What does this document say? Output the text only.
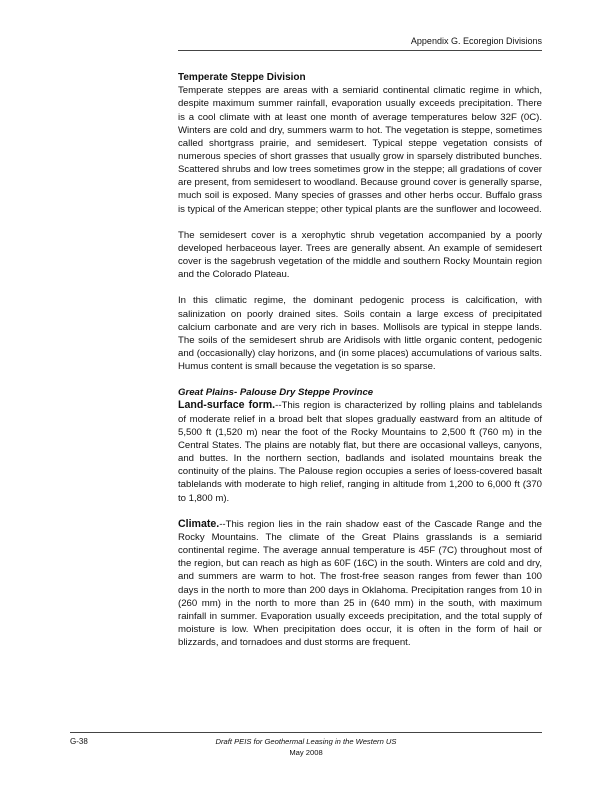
Appendix G. Ecoregion Divisions
Temperate Steppe Division

Temperate steppes are areas with a semiarid continental climatic regime in which, despite maximum summer rainfall, evaporation usually exceeds precipitation. There is a cool climate with at least one month of average temperatures below 32F (0C). Winters are cold and dry, summers warm to hot. The vegetation is steppe, sometimes called shortgrass prairie, and semidesert. Typical steppe vegetation consists of numerous species of short grasses that usually grow in sparsely distributed bunches. Scattered shrubs and low trees sometimes grow in the steppe; all gradations of cover are present, from semidesert to woodland. Because ground cover is generally sparse, much soil is exposed. Many species of grasses and other herbs occur. Buffalo grass is typical of the American steppe; other typical plants are the sunflower and locoweed.

The semidesert cover is a xerophytic shrub vegetation accompanied by a poorly developed herbaceous layer. Trees are generally absent. An example of semidesert cover is the sagebrush vegetation of the middle and southern Rocky Mountain region and the Colorado Plateau.

In this climatic regime, the dominant pedogenic process is calcification, with salinization on poorly drained sites. Soils contain a large excess of precipitated calcium carbonate and are very rich in bases. Mollisols are typical in steppe lands. The soils of the semidesert shrub are Aridisols with little organic content, pedogenic and (occasionally) clay horizons, and (in some places) accumulations of various salts. Humus content is small because the vegetation is so sparse.

Great Plains- Palouse Dry Steppe Province

Land-surface form.--This region is characterized by rolling plains and tablelands of moderate relief in a broad belt that slopes gradually eastward from an altitude of 5,500 ft (1,520 m) near the foot of the Rocky Mountains to 2,500 ft (760 m) in the Central States. The plains are notably flat, but there are occasional valleys, canyons, and buttes. In the northern section, badlands and isolated mountains break the continuity of the plains. The Palouse region occupies a series of loess-covered basalt tablelands with moderate to high relief, ranging in altitude from 1,200 to 6,000 ft (370 to 1,800 m).

Climate.--This region lies in the rain shadow east of the Cascade Range and the Rocky Mountains. The climate of the Great Plains grasslands is a semiarid continental regime. The average annual temperature is 45F (7C) throughout most of the region, but can reach as high as 60F (16C) in the south. Winters are cold and dry, and summers are warm to hot. The frost-free season ranges from fewer than 100 days in the north to more than 200 days in Oklahoma. Precipitation ranges from 10 in (260 mm) in the north to more than 25 in (640 mm) in the south, with maximum rainfall in summer. Evaporation usually exceeds precipitation, and the total supply of moisture is low. When precipitation does occur, it is often in the form of hail or blizzards, and tornadoes and dust storms are frequent.

G-38	Draft PEIS for Geothermal Leasing in the Western US
May 2008
